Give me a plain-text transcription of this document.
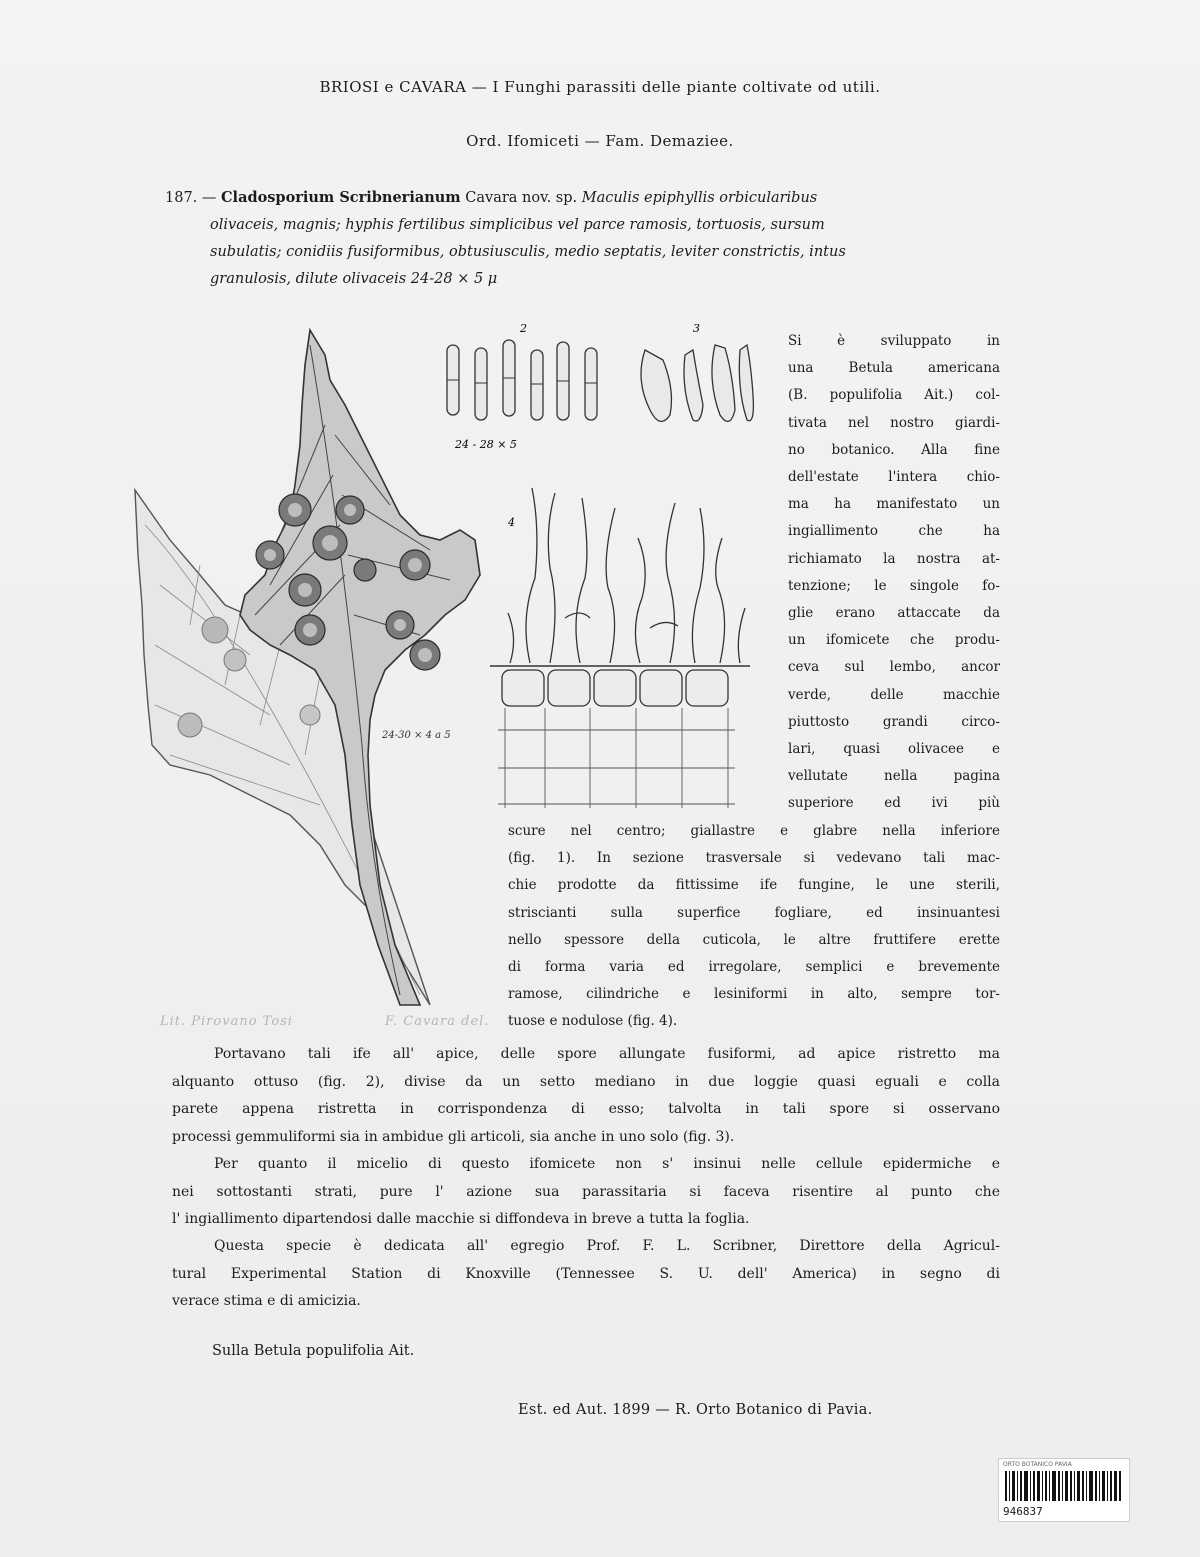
BRIOSI e CAVARA — I Funghi parassiti delle piante coltivate od utili.
Ord. Ifomiceti — Fam. Demaziee.
187. — Cladosporium Scribnerianum Cavara nov. sp. Maculis epiphyllis orbicularibus
olivaceis, magnis; hyphis fertilibus simplicibus vel parce ramosis, tortuosis, sursum
subulatis; conidiis fusiformibus, obtusiusculis, medio septatis, leviter constrictis, intus
granulosis, dilute olivaceis 24-28 × 5 μ
2	3
24 - 28 × 5
4
24-30 × 4 a 5
Lit. Pirovano Tosi	F. Cavara del.
Si è sviluppato in
una Betula americana
(B. populifolia Ait.) col-
tivata nel nostro giardi-
no botanico. Alla fine
dell'estate l'intera chio-
ma ha manifestato un
ingiallimento che ha
richiamato la nostra at-
tenzione; le singole fo-
glie erano attaccate da
un ifomicete che produ-
ceva sul lembo, ancor
verde, delle macchie
piuttosto grandi circo-
lari, quasi olivacee e
vellutate nella pagina
superiore ed ivi più
scure nel centro; giallastre e glabre nella inferiore
(fig. 1). In sezione trasversale si vedevano tali mac-
chie prodotte da fittissime ife fungine, le une sterili,
striscianti sulla superfice fogliare, ed insinuantesi
nello spessore della cuticola, le altre fruttifere erette
di forma varia ed irregolare, semplici e brevemente
ramose, cilindriche e lesiniformi in alto, sempre tor-
tuose e nodulose (fig. 4).
Portavano tali ife all' apice, delle spore allungate fusiformi, ad apice ristretto ma
alquanto ottuso (fig. 2), divise da un setto mediano in due loggie quasi eguali e colla
parete appena ristretta in corrispondenza di esso; talvolta in tali spore si osservano
processi gemmuliformi sia in ambidue gli articoli, sia anche in uno solo (fig. 3).
Per quanto il micelio di questo ifomicete non s' insinui nelle cellule epidermiche e
nei sottostanti strati, pure l' azione sua parassitaria si faceva risentire al punto che
l' ingiallimento dipartendosi dalle macchie si diffondeva in breve a tutta la foglia.
Questa specie è dedicata all' egregio Prof. F. L. Scribner, Direttore della Agricul-
tural Experimental Station di Knoxville (Tennessee S. U. dell' America) in segno di
verace stima e di amicizia.
Sulla Betula populifolia Ait.
Est. ed Aut. 1899 — R. Orto Botanico di Pavia.
ORTO BOTANICO PAVIA
946837
